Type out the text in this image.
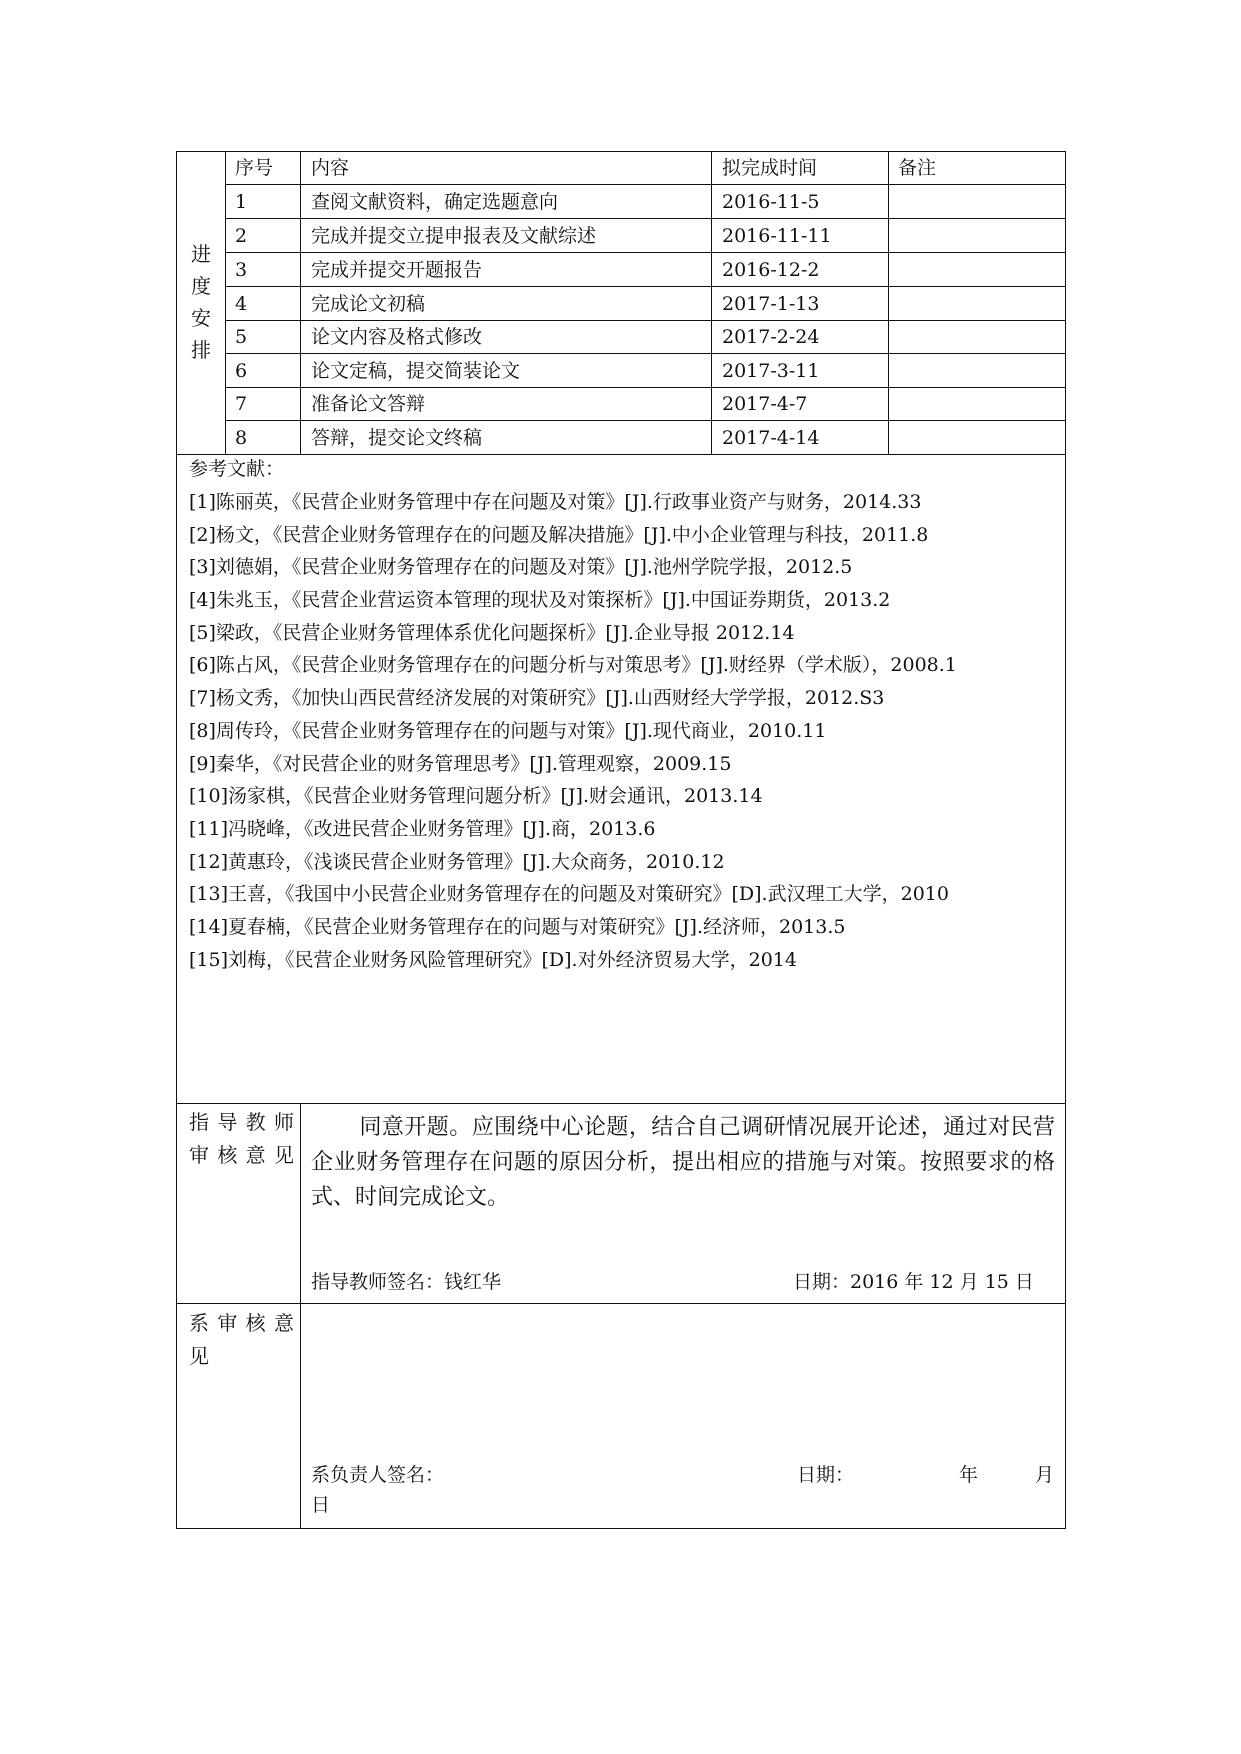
进
度
安
排
序号 内容	拟完成时间	备注
1	查阅文献资料，确定选题意向	2016-11-5
2	完成并提交立提申报表及文献综述	2016-11-11
3	完成并提交开题报告	2016-12-2
4	完成论文初稿	2017-1-13
5	论文内容及格式修改	2017-2-24
6	论文定稿，提交简装论文	2017-3-11
7	准备论文答辩	2017-4-7
8	答辩，提交论文终稿	2017-4-14
参考文献：
[1]陈丽英，《民营企业财务管理中存在问题及对策》[J].行政事业资产与财务，2014.33
[2]杨文，《民营企业财务管理存在的问题及解决措施》[J].中小企业管理与科技，2011.8
[3]刘德娟，《民营企业财务管理存在的问题及对策》[J].池州学院学报，2012.5
[4]朱兆玉，《民营企业营运资本管理的现状及对策探析》[J].中国证券期货，2013.2
[5]梁政，《民营企业财务管理体系优化问题探析》[J].企业导报 2012.14
[6]陈占风，《民营企业财务管理存在的问题分析与对策思考》[J].财经界（学术版），2008.1
[7]杨文秀，《加快山西民营经济发展的对策研究》[J].山西财经大学学报，2012.S3
[8]周传玲，《民营企业财务管理存在的问题与对策》[J].现代商业，2010.11
[9]秦华，《对民营企业的财务管理思考》[J].管理观察，2009.15
[10]汤家棋，《民营企业财务管理问题分析》[J].财会通讯，2013.14
[11]冯晓峰，《改进民营企业财务管理》[J].商，2013.6
[12]黄惠玲，《浅谈民营企业财务管理》[J].大众商务，2010.12
[13]王喜，《我国中小民营企业财务管理存在的问题及对策研究》[D].武汉理工大学，2010
[14]夏春楠，《民营企业财务管理存在的问题与对策研究》[J].经济师，2013.5
[15]刘梅，《民营企业财务风险管理研究》[D].对外经济贸易大学，2014
指导教师
审核意见
同意开题。应围绕中心论题，结合自己调研情况展开论述，通过对民营企业财务管理存在问题的原因分析，提出相应的措施与对策。按照要求的格式、时间完成论文。
指导教师签名：钱红华	日期：2016 年 12 月 15 日
系审核意
见
系负责人签名：	日期：	年	月
日
